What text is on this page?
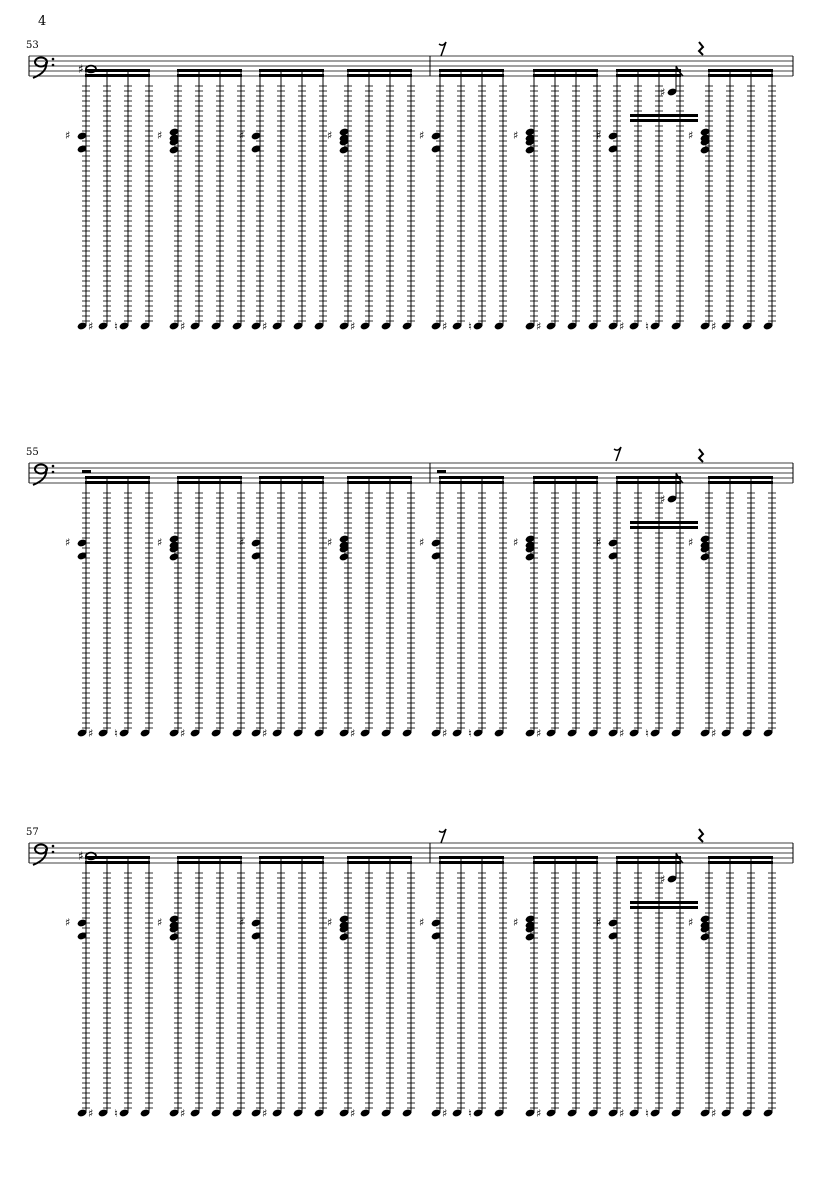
4
53
55
57
♯
♯ ♮
♯
♯
♯
♯
♯
♯
♯
♯ ♮
♯
♯
♯
♯ ♮
♯
♯
♯
♯
♯ ♮
♯
♯
♯
♯
♯
♯
♯
♯ ♮
♯
♯
♯
♯ ♮
♯
♯
♯
♯
♯
♯ ♮
♯
♯
♯
♯
♯
♯
♯
♯ ♮
♯
♯
♯
♯ ♮
♯
♯
♯
♯
